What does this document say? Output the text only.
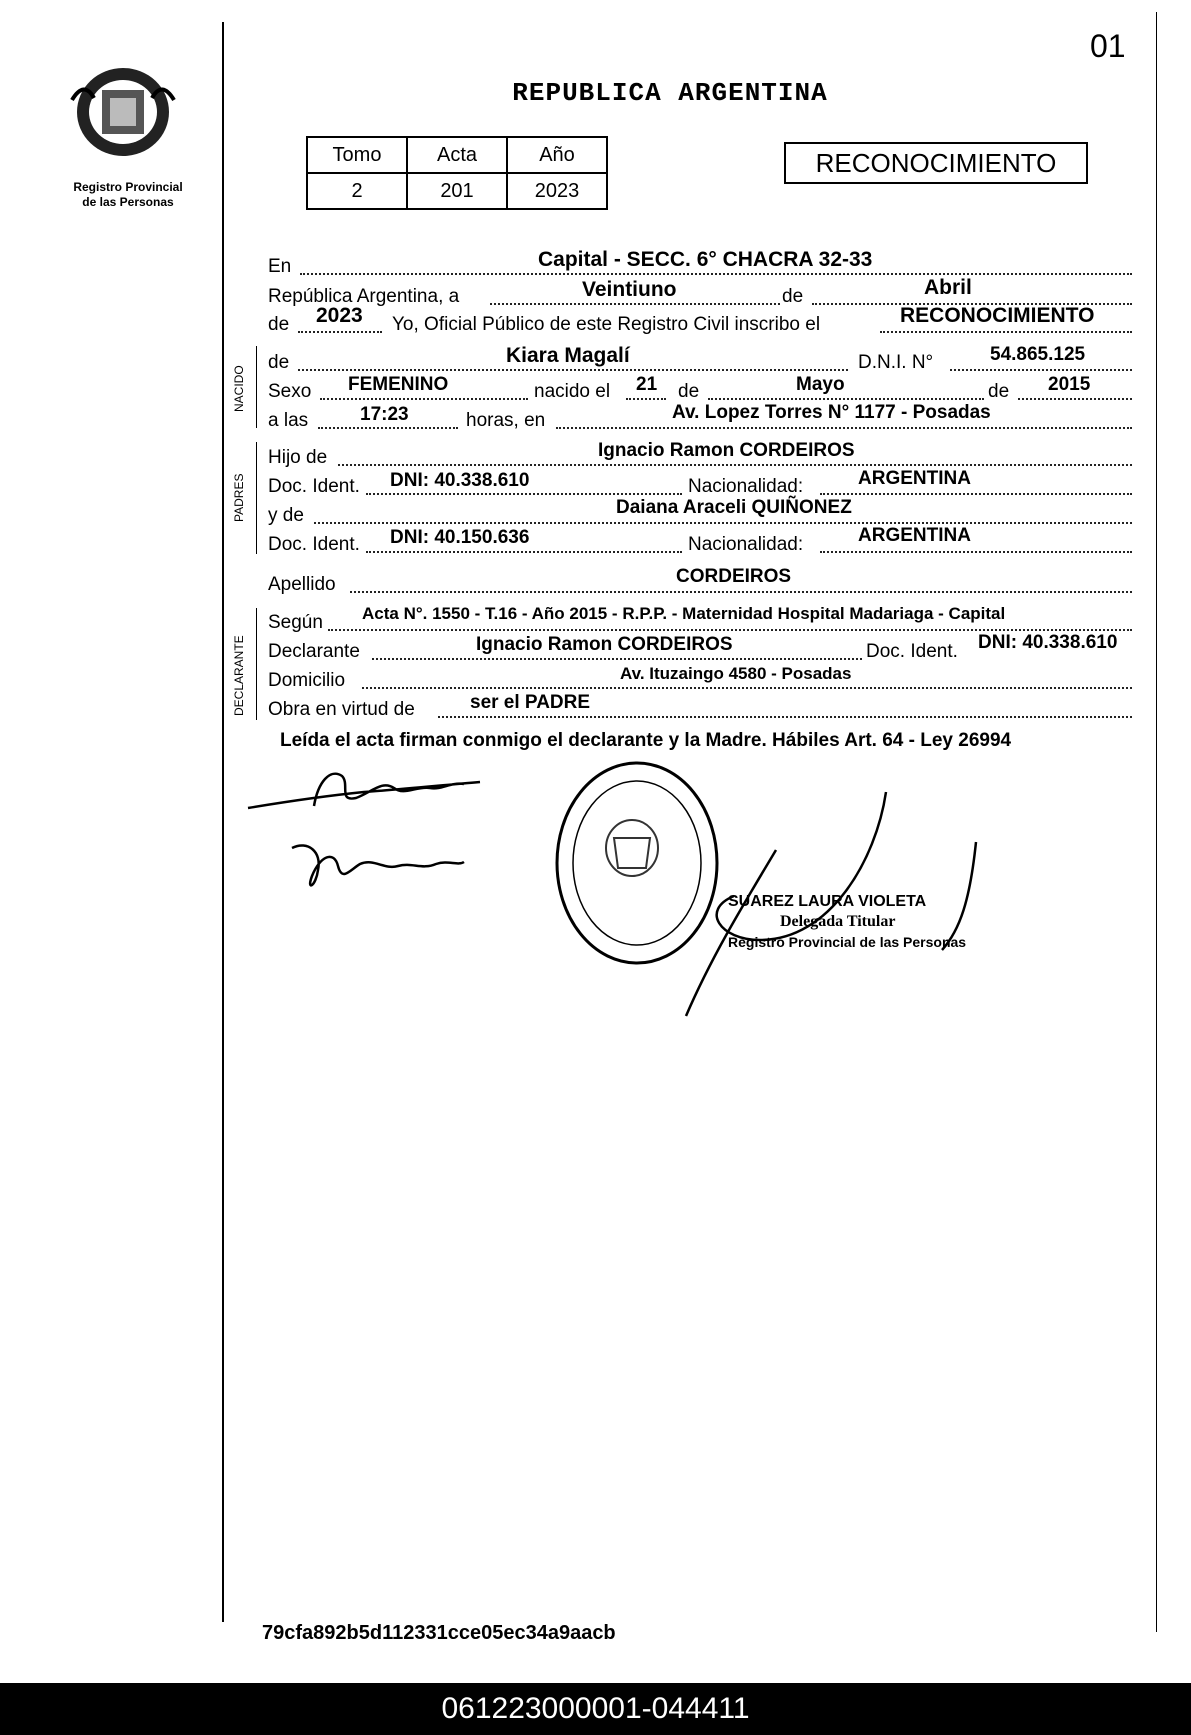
Registro Provincial
de las Personas
01
REPUBLICA ARGENTINA
Tomo	Acta	Año
2	201	2023
RECONOCIMIENTO
En	Capital - SECC. 6° CHACRA 32-33
República Argentina, a	Veintiuno	de	Abril
de 2023 Yo, Oficial Público de este Registro Civil inscribo el	RECONOCIMIENTO
NACIDO
de	Kiara Magalí	D.N.I. N°	54.865.125
Sexo FEMENINO	nacido el 21 de	Mayo	de 2015
a las	17:23	horas, en	Av. Lopez Torres N° 1177 - Posadas
PADRES
Hijo de	Ignacio Ramon CORDEIROS
Doc. Ident. DNI: 40.338.610	Nacionalidad:	ARGENTINA
y de	Daiana Araceli QUIÑONEZ
Doc. Ident. DNI: 40.150.636	Nacionalidad:	ARGENTINA
Apellido	CORDEIROS
DECLARANTE
Según Acta N°. 1550 - T.16 - Año 2015 - R.P.P. - Maternidad Hospital Madariaga - Capital
Declarante	Ignacio Ramon CORDEIROS	Doc. Ident. DNI: 40.338.610
Domicilio	Av. Ituzaingo 4580 - Posadas
Obra en virtud de	ser el PADRE
Leída el acta firman conmigo el declarante y la Madre. Hábiles Art. 64 - Ley 26994
SUAREZ LAURA VIOLETA
Delegada Titular
Registro Provincial de las Personas
79cfa892b5d112331cce05ec34a9aacb
061223000001-044411
